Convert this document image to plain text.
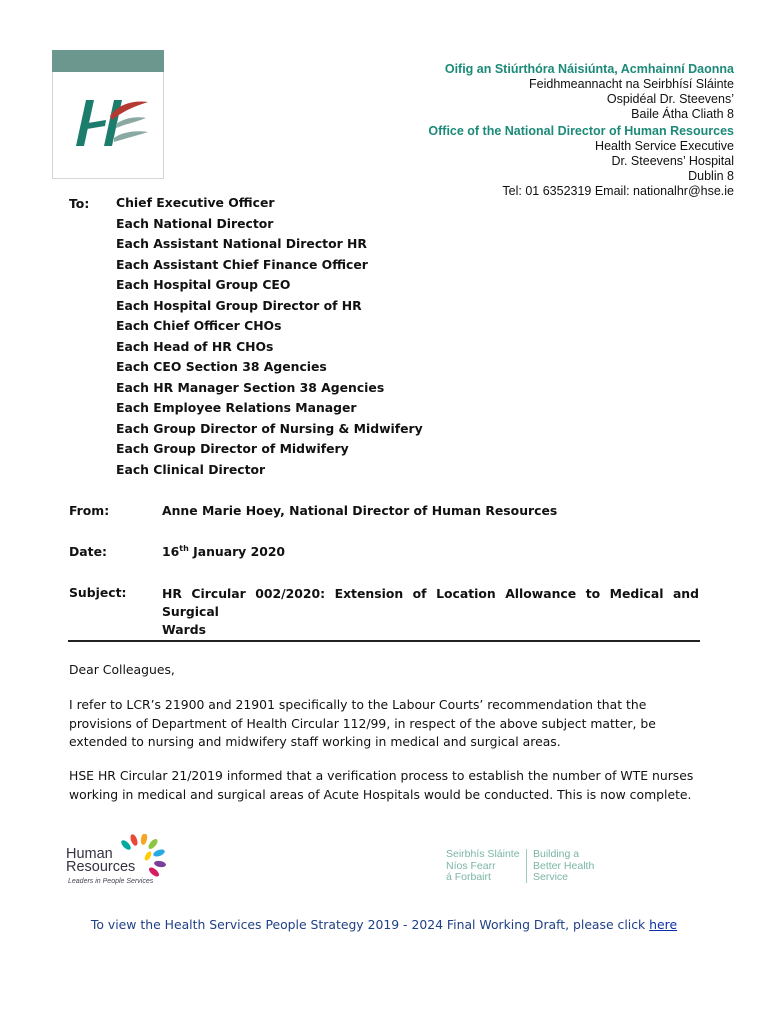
Oifig an Stiúrthóra Náisiúnta, Acmhainní Daonna
Feidhmeannacht na Seirbhísí Sláinte
Ospidéal Dr. Steevens’
Baile Átha Cliath 8
Office of the National Director of Human Resources
Health Service Executive
Dr. Steevens’ Hospital
Dublin 8
Tel: 01 6352319 Email: nationalhr@hse.ie
To: Chief Executive Officer
Each National Director
Each Assistant National Director HR
Each Assistant Chief Finance Officer
Each Hospital Group CEO
Each Hospital Group Director of HR
Each Chief Officer CHOs
Each Head of HR CHOs
Each CEO Section 38 Agencies
Each HR Manager Section 38 Agencies
Each Employee Relations Manager
Each Group Director of Nursing & Midwifery
Each Group Director of Midwifery
Each Clinical Director
From:	Anne Marie Hoey, National Director of Human Resources
Date:	16th January 2020
Subject:	HR Circular 002/2020: Extension of Location Allowance to Medical and Surgical
Wards
Dear Colleagues,
I refer to LCR’s 21900 and 21901 specifically to the Labour Courts’ recommendation that the provisions of Department of Health Circular 112/99, in respect of the above subject matter, be extended to nursing and midwifery staff working in medical and surgical areas.
HSE HR Circular 21/2019 informed that a verification process to establish the number of WTE nurses working in medical and surgical areas of Acute Hospitals would be conducted. This is now complete.
Human
Resources
Leaders in People Services
Seirbhís Sláinte
Níos Fearr
á Forbairt
Building a
Better Health
Service
To view the Health Services People Strategy 2019 - 2024 Final Working Draft, please click here
